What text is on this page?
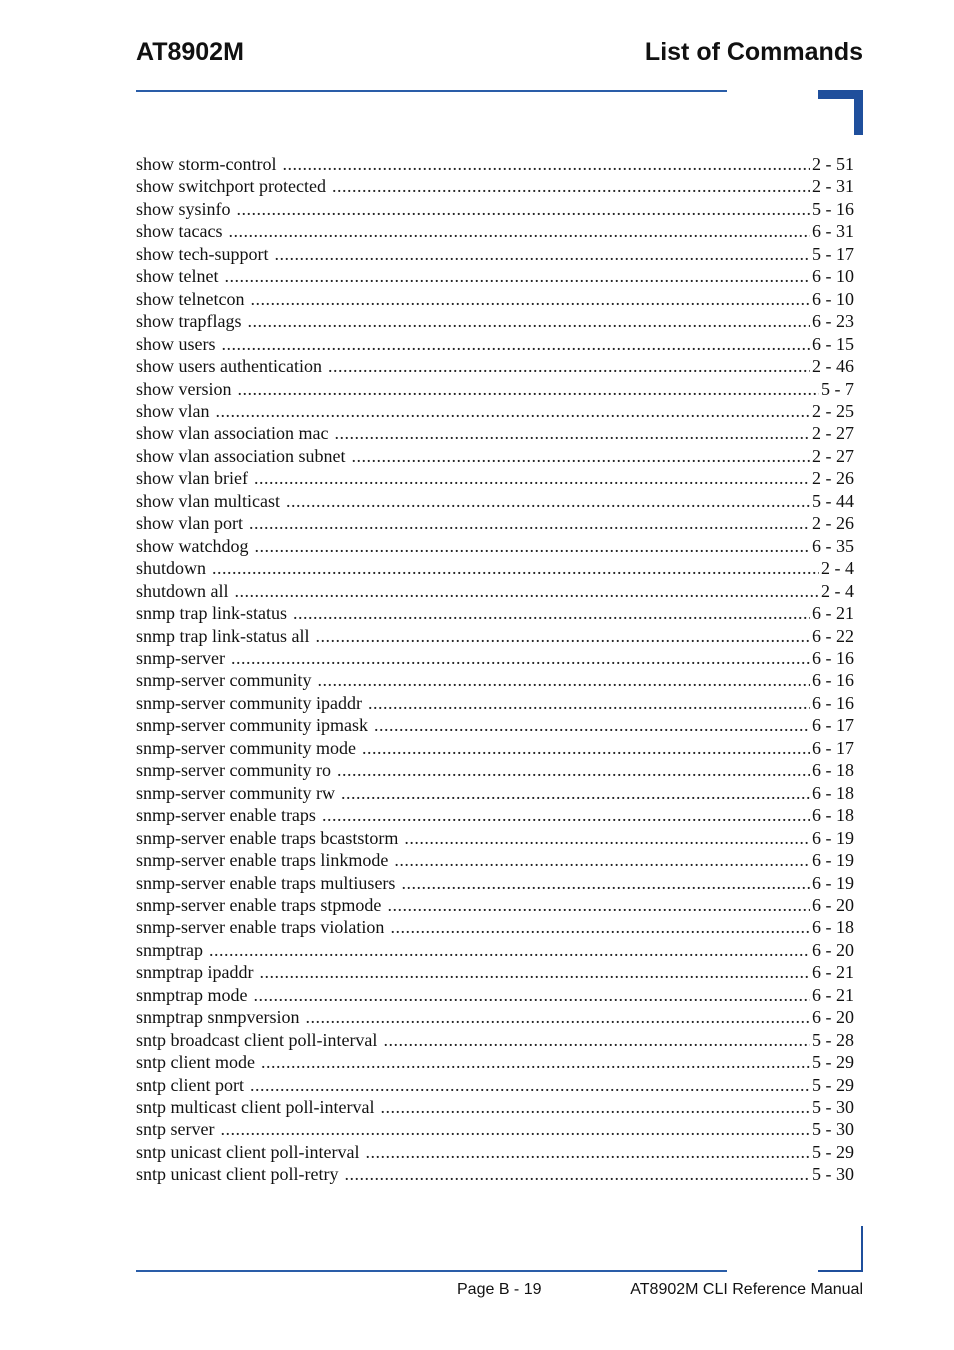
AT8902M	List of Commands
show storm-control .....	2 - 51
show switchport protected .....	2 - 31
show sysinfo .....	5 - 16
show tacacs .....	6 - 31
show tech-support .....	5 - 17
show telnet .....	6 - 10
show telnetcon .....	6 - 10
show trapflags .....	6 - 23
show users .....	6 - 15
show users authentication .....	2 - 46
show version .....	5 - 7
show vlan .....	2 - 25
show vlan association mac .....	2 - 27
show vlan association subnet .....	2 - 27
show vlan brief .....	2 - 26
show vlan multicast .....	5 - 44
show vlan port .....	2 - 26
show watchdog .....	6 - 35
shutdown .....	2 - 4
shutdown all .....	2 - 4
snmp trap link-status .....	6 - 21
snmp trap link-status all .....	6 - 22
snmp-server .....	6 - 16
snmp-server community .....	6 - 16
snmp-server community ipaddr .....	6 - 16
snmp-server community ipmask .....	6 - 17
snmp-server community mode .....	6 - 17
snmp-server community ro .....	6 - 18
snmp-server community rw .....	6 - 18
snmp-server enable traps .....	6 - 18
snmp-server enable traps bcaststorm .....	6 - 19
snmp-server enable traps linkmode .....	6 - 19
snmp-server enable traps multiusers .....	6 - 19
snmp-server enable traps stpmode .....	6 - 20
snmp-server enable traps violation .....	6 - 18
snmptrap .....	6 - 20
snmptrap ipaddr .....	6 - 21
snmptrap mode .....	6 - 21
snmptrap snmpversion .....	6 - 20
sntp broadcast client poll-interval .....	5 - 28
sntp client mode .....	5 - 29
sntp client port .....	5 - 29
sntp multicast client poll-interval .....	5 - 30
sntp server .....	5 - 30
sntp unicast client poll-interval .....	5 - 29
sntp unicast client poll-retry .....	5 - 30
Page B - 19	AT8902M CLI Reference Manual
